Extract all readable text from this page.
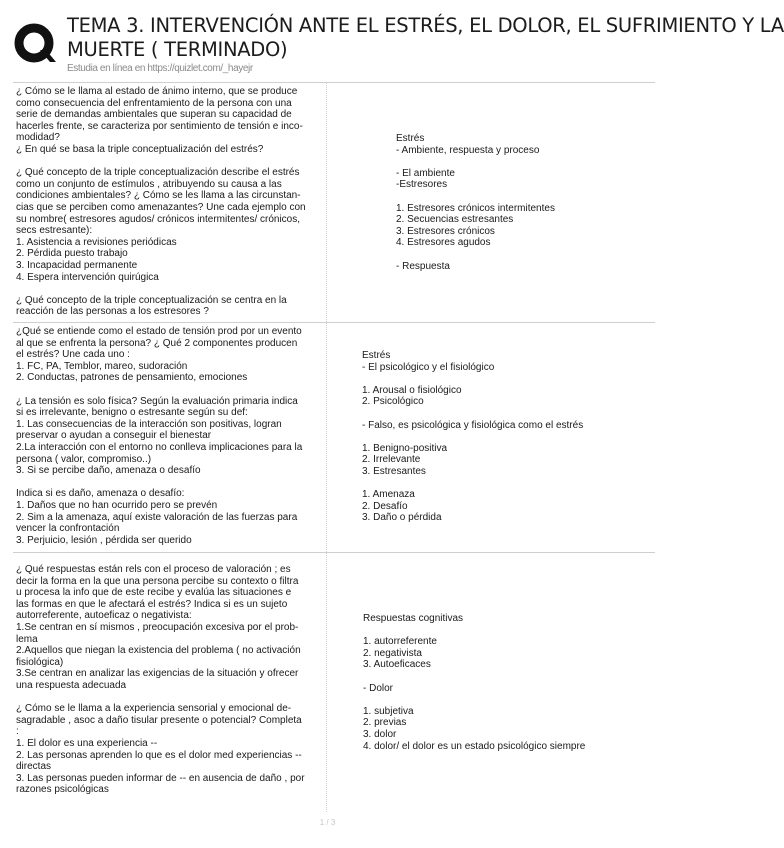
TEMA 3. INTERVENCIÓN ANTE EL ESTRÉS, EL DOLOR, EL SUFRIMIENTO Y LA
MUERTE ( TERMINADO)
Estudia en línea en https://quizlet.com/_hayejr
¿ Cómo se le llama al estado de ánimo interno, que se produce
como consecuencia del enfrentamiento de la persona con una
serie de demandas ambientales que superan su capacidad de
hacerles frente, se caracteriza por sentimiento de tensión e inco-
modidad?
¿ En qué se basa la triple conceptualización del estrés?
¿ Qué concepto de la triple conceptualización describe el estrés
como un conjunto de estímulos , atribuyendo su causa a las
condiciones ambientales? ¿ Cómo se les llama a las circunstan-
cias que se perciben como amenazantes? Une cada ejemplo con
su nombre( estresores agudos/ crónicos intermitentes/ crónicos,
secs estresante):
1. Asistencia a revisiones periódicas
2. Pérdida puesto trabajo
3. Incapacidad permanente
4. Espera intervención quirúgica
¿ Qué concepto de la triple conceptualización se centra en la
reacción de las personas a los estresores ?
Estrés
- Ambiente, respuesta y proceso
- El ambiente
-Estresores
1. Estresores crónicos intermitentes
2. Secuencias estresantes
3. Estresores crónicos
4. Estresores agudos
- Respuesta
¿Qué se entiende como el estado de tensión prod por un evento
al que se enfrenta la persona? ¿ Qué 2 componentes producen
el estrés? Une cada uno :
1. FC, PA, Temblor, mareo, sudoración
2. Conductas, patrones de pensamiento, emociones
¿ La tensión es solo física? Según la evaluación primaria indica
si es irrelevante, benigno o estresante según su def:
1. Las consecuencias de la interacción son positivas, logran
preservar o ayudan a conseguir el bienestar
2.La interacción con el entorno no conlleva implicaciones para la
persona ( valor, compromiso..)
3. Si se percibe daño, amenaza o desafío
Indica si es daño, amenaza o desafío:
1. Daños que no han ocurrido pero se prevén
2. Sim a la amenaza, aquí existe valoración de las fuerzas para
vencer la confrontación
3. Perjuicio, lesión , pérdida ser querido
Estrés
- El psicológico y el fisiológico
1. Arousal o fisiológico
2. Psicológico
- Falso, es psicológica y fisiológica como el estrés
1. Benigno-positiva
2. Irrelevante
3. Estresantes
1. Amenaza
2. Desafío
3. Daño o pérdida
¿ Qué respuestas están rels con el proceso de valoración ; es
decir la forma en la que una persona percibe su contexto o filtra
u procesa la info que de este recibe y evalúa las situaciones e
las formas en que le afectará el estrés? Indica si es un sujeto
autorreferente, autoeficaz o negativista:
1.Se centran en sí mismos , preocupación excesiva por el prob-
lema
2.Aquellos que niegan la existencia del problema ( no activación
fisiológica)
3.Se centran en analizar las exigencias de la situación y ofrecer
una respuesta adecuada
¿ Cómo se le llama a la experiencia sensorial y emocional de-
sagradable , asoc a daño tisular presente o potencial? Completa
:
1. El dolor es una experiencia --
2. Las personas aprenden lo que es el dolor med experiencias --
directas
3. Las personas pueden informar de -- en ausencia de daño , por
razones psicológicas
Respuestas cognitivas
1. autorreferente
2. negativista
3. Autoeficaces
- Dolor
1. subjetiva
2. previas
3. dolor
4. dolor/ el dolor es un estado psicológico siempre
1 / 3
